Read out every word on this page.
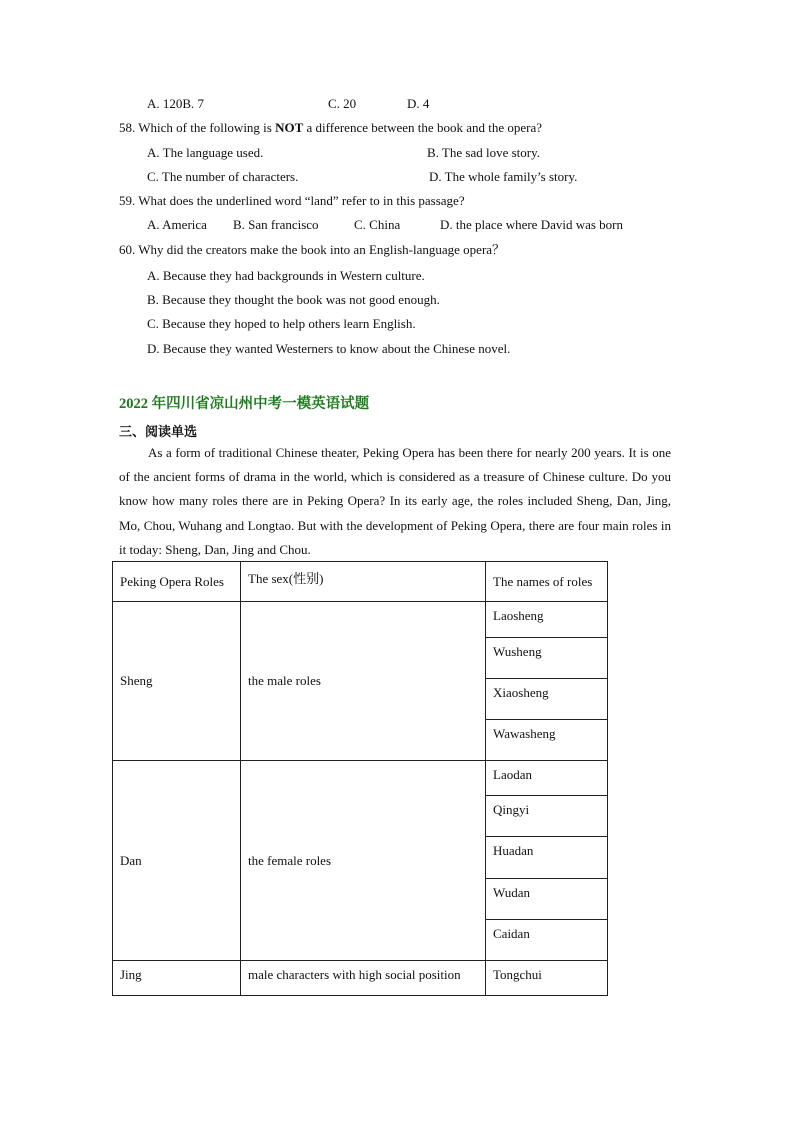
A. 120B. 7	C. 20	D. 4
58. Which of the following is NOT a difference between the book and the opera?
A. The language used.	B. The sad love story.
C. The number of characters.	D. The whole family’s story.
59. What does the underlined word “land” refer to in this passage?
A. America B. San francisco	C. China	D. the place where David was born
60. Why did the creators make the book into an English-language opera？
A. Because they had backgrounds in Western culture.
B. Because they thought the book was not good enough.
C. Because they hoped to help others learn English.
D. Because they wanted Westerners to know about the Chinese novel.
2022 年四川省凉山州中考一模英语试题
三、阅读单选
As a form of traditional Chinese theater, Peking Opera has been there for nearly 200 years. It is one of the ancient forms of drama in the world, which is considered as a treasure of Chinese culture. Do you know how many roles there are in Peking Opera? In its early age, the roles included Sheng, Dan, Jing, Mo, Chou, Wuhang and Longtao. But with the development of Peking Opera, there are four main roles in it today: Sheng, Dan, Jing and Chou.
Peking Opera Roles	The sex(性别)	The names of roles
Sheng	the male roles	Laosheng
		Wusheng
		Xiaosheng
		Wawasheng
Dan	the female roles	Laodan
		Qingyi
		Huadan
		Wudan
		Caidan
Jing	male characters with high social position	Tongchui
